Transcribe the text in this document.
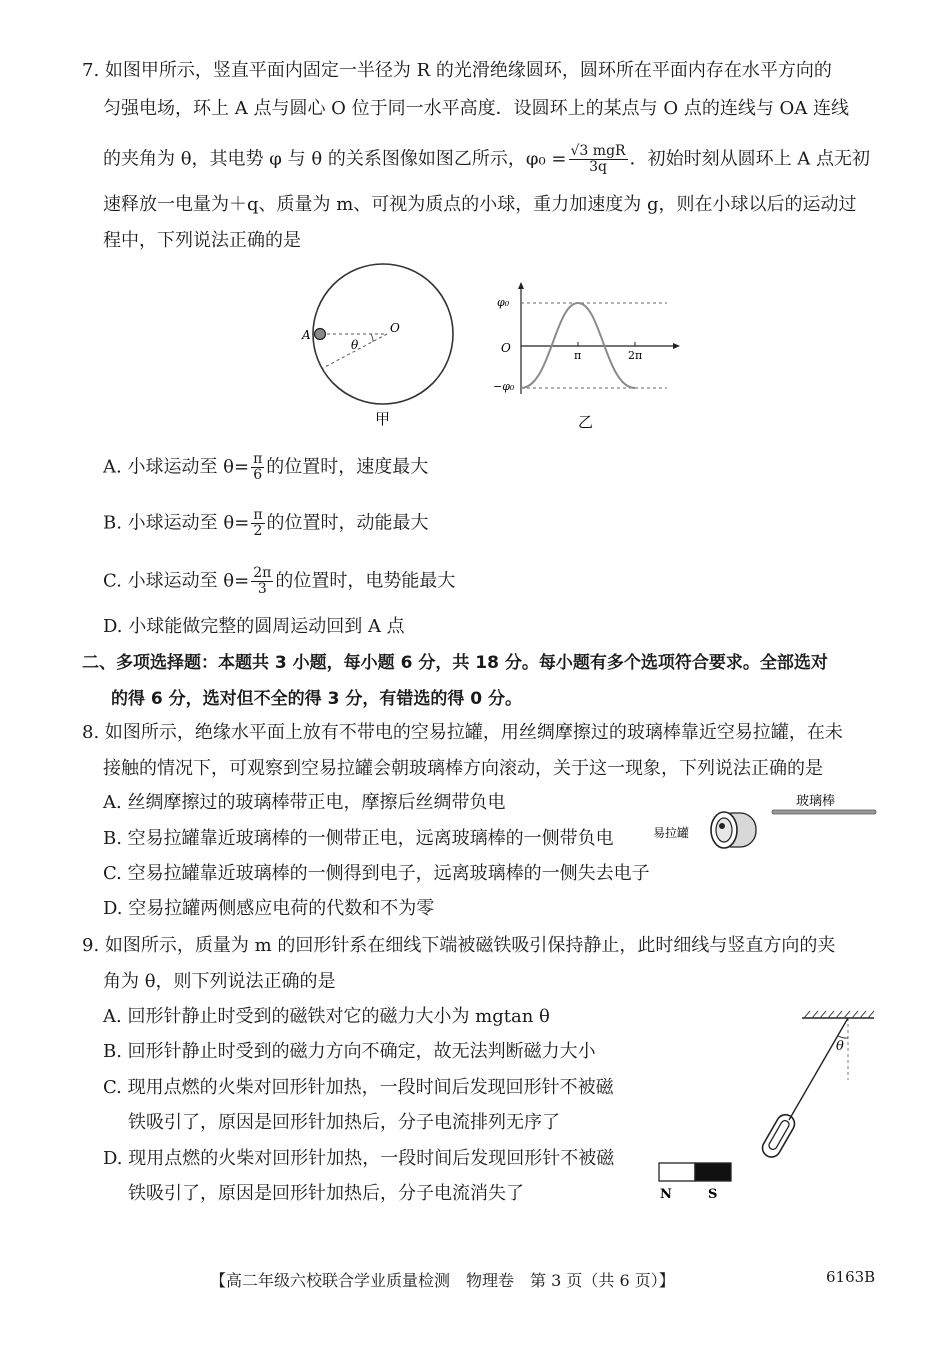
7. 如图甲所示，竖直平面内固定一半径为 R 的光滑绝缘圆环，圆环所在平面内存在水平方向的
匀强电场，环上 A 点与圆心 O 位于同一水平高度．设圆环上的某点与 O 点的连线与 OA 连线
的夹角为 θ，其电势 φ 与 θ 的关系图像如图乙所示，$\varphi_0 = \frac{\text{√3 mgR}}{3q}$ ．初始时刻从圆环上 A 点无初
速释放一电量为＋q、质量为 m、可视为质点的小球，重力加速度为 g，则在小球以后的运动过
程中，下列说法正确的是
A	O
θ
甲
φ₀
O
−φ₀
π	2π
乙
A. 小球运动至 $\theta= \frac{\pi}{6}$ 的位置时，速度最大
B. 小球运动至 $\theta= \frac{\pi}{2}$ 的位置时，动能最大
C. 小球运动至 $\theta= \frac{2\pi}{3}$ 的位置时，电势能最大
D. 小球能做完整的圆周运动回到 A 点
二、多项选择题：本题共 3 小题，每小题 6 分，共 18 分。每小题有多个选项符合要求。全部选对
的得 6 分，选对但不全的得 3 分，有错选的得 0 分。
8. 如图所示，绝缘水平面上放有不带电的空易拉罐，用丝绸摩擦过的玻璃棒靠近空易拉罐，在未
接触的情况下，可观察到空易拉罐会朝玻璃棒方向滚动，关于这一现象，下列说法正确的是
A. 丝绸摩擦过的玻璃棒带正电，摩擦后丝绸带负电
B. 空易拉罐靠近玻璃棒的一侧带正电，远离玻璃棒的一侧带负电
C. 空易拉罐靠近玻璃棒的一侧得到电子，远离玻璃棒的一侧失去电子
D. 空易拉罐两侧感应电荷的代数和不为零
易拉罐
玻璃棒
9. 如图所示，质量为 m 的回形针系在细线下端被磁铁吸引保持静止，此时细线与竖直方向的夹
角为 θ，则下列说法正确的是
A. 回形针静止时受到的磁铁对它的磁力大小为 mgtan θ
B. 回形针静止时受到的磁力方向不确定，故无法判断磁力大小
C. 现用点燃的火柴对回形针加热，一段时间后发现回形针不被磁
铁吸引了，原因是回形针加热后，分子电流排列无序了
D. 现用点燃的火柴对回形针加热，一段时间后发现回形针不被磁
铁吸引了，原因是回形针加热后，分子电流消失了
θ
N	S
【高二年级六校联合学业质量检测　物理卷　第 3 页（共 6 页）】	6163B
